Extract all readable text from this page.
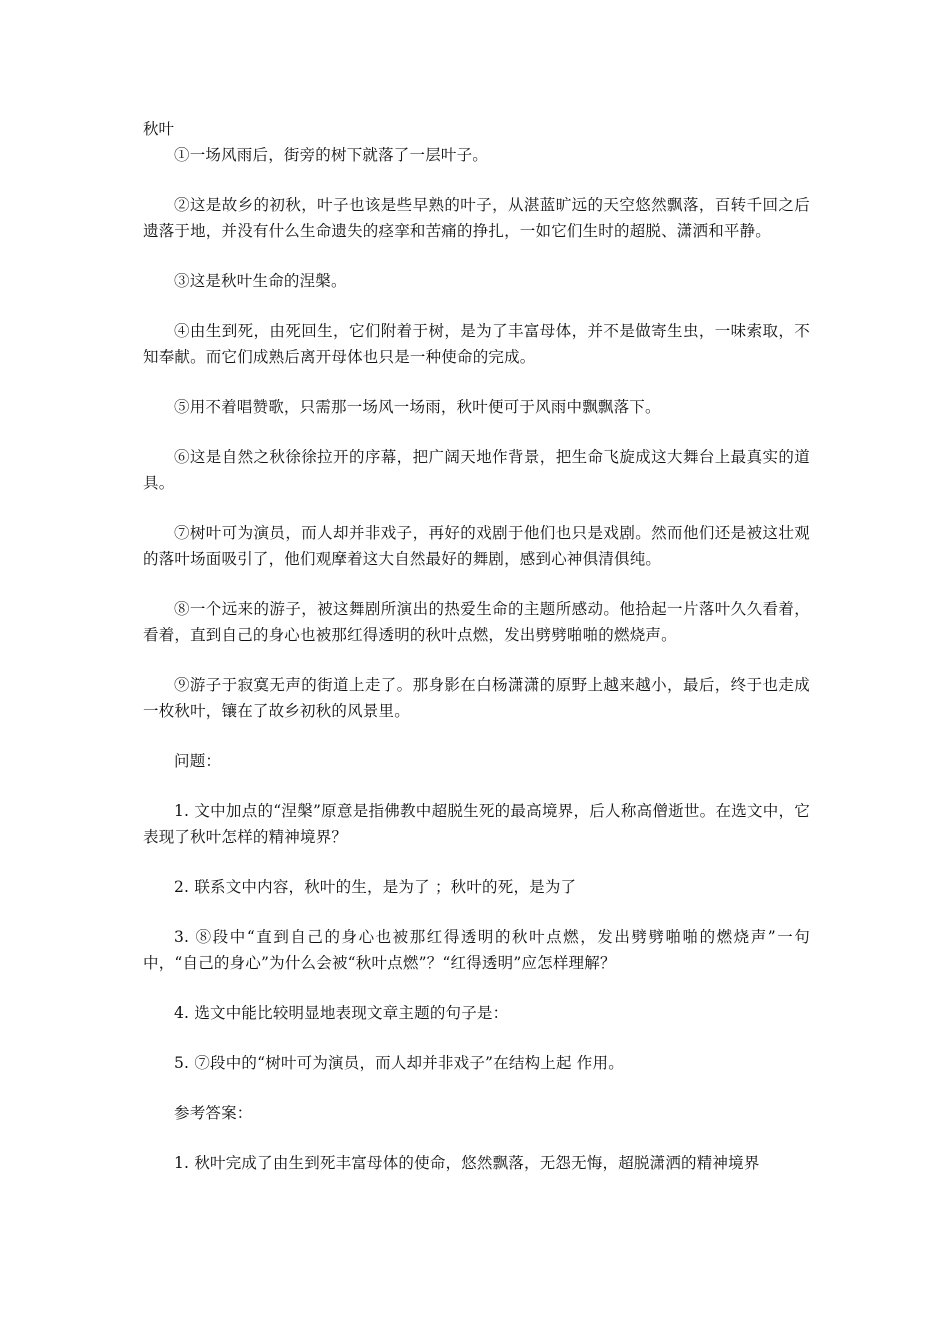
秋叶

①一场风雨后，街旁的树下就落了一层叶子。

②这是故乡的初秋，叶子也该是些早熟的叶子，从湛蓝旷远的天空悠然飘落，百转千回之后遗落于地，并没有什么生命遗失的痉挛和苦痛的挣扎，一如它们生时的超脱、潇洒和平静。

③这是秋叶生命的涅槃。

④由生到死，由死回生，它们附着于树，是为了丰富母体，并不是做寄生虫，一味索取，不知奉献。而它们成熟后离开母体也只是一种使命的完成。

⑤用不着唱赞歌，只需那一场风一场雨，秋叶便可于风雨中飘飘落下。

⑥这是自然之秋徐徐拉开的序幕，把广阔天地作背景，把生命飞旋成这大舞台上最真实的道具。

⑦树叶可为演员，而人却并非戏子，再好的戏剧于他们也只是戏剧。然而他们还是被这壮观的落叶场面吸引了，他们观摩着这大自然最好的舞剧，感到心神俱清俱纯。

⑧一个远来的游子，被这舞剧所演出的热爱生命的主题所感动。他拾起一片落叶久久看着，看着，直到自己的身心也被那红得透明的秋叶点燃，发出劈劈啪啪的燃烧声。

⑨游子于寂寞无声的街道上走了。那身影在白杨潇潇的原野上越来越小，最后，终于也走成一枚秋叶，镶在了故乡初秋的风景里。

问题：

1. 文中加点的“涅槃”原意是指佛教中超脱生死的最高境界，后人称高僧逝世。在选文中，它表现了秋叶怎样的精神境界？

2. 联系文中内容，秋叶的生，是为了 ；秋叶的死，是为了

3. ⑧段中“直到自己的身心也被那红得透明的秋叶点燃，发出劈劈啪啪的燃烧声”一句中，“自己的身心”为什么会被“秋叶点燃”？“红得透明”应怎样理解？

4. 选文中能比较明显地表现文章主题的句子是：

5. ⑦段中的“树叶可为演员，而人却并非戏子”在结构上起 作用。

参考答案：

1. 秋叶完成了由生到死丰富母体的使命，悠然飘落，无怨无悔，超脱潇洒的精神境界
